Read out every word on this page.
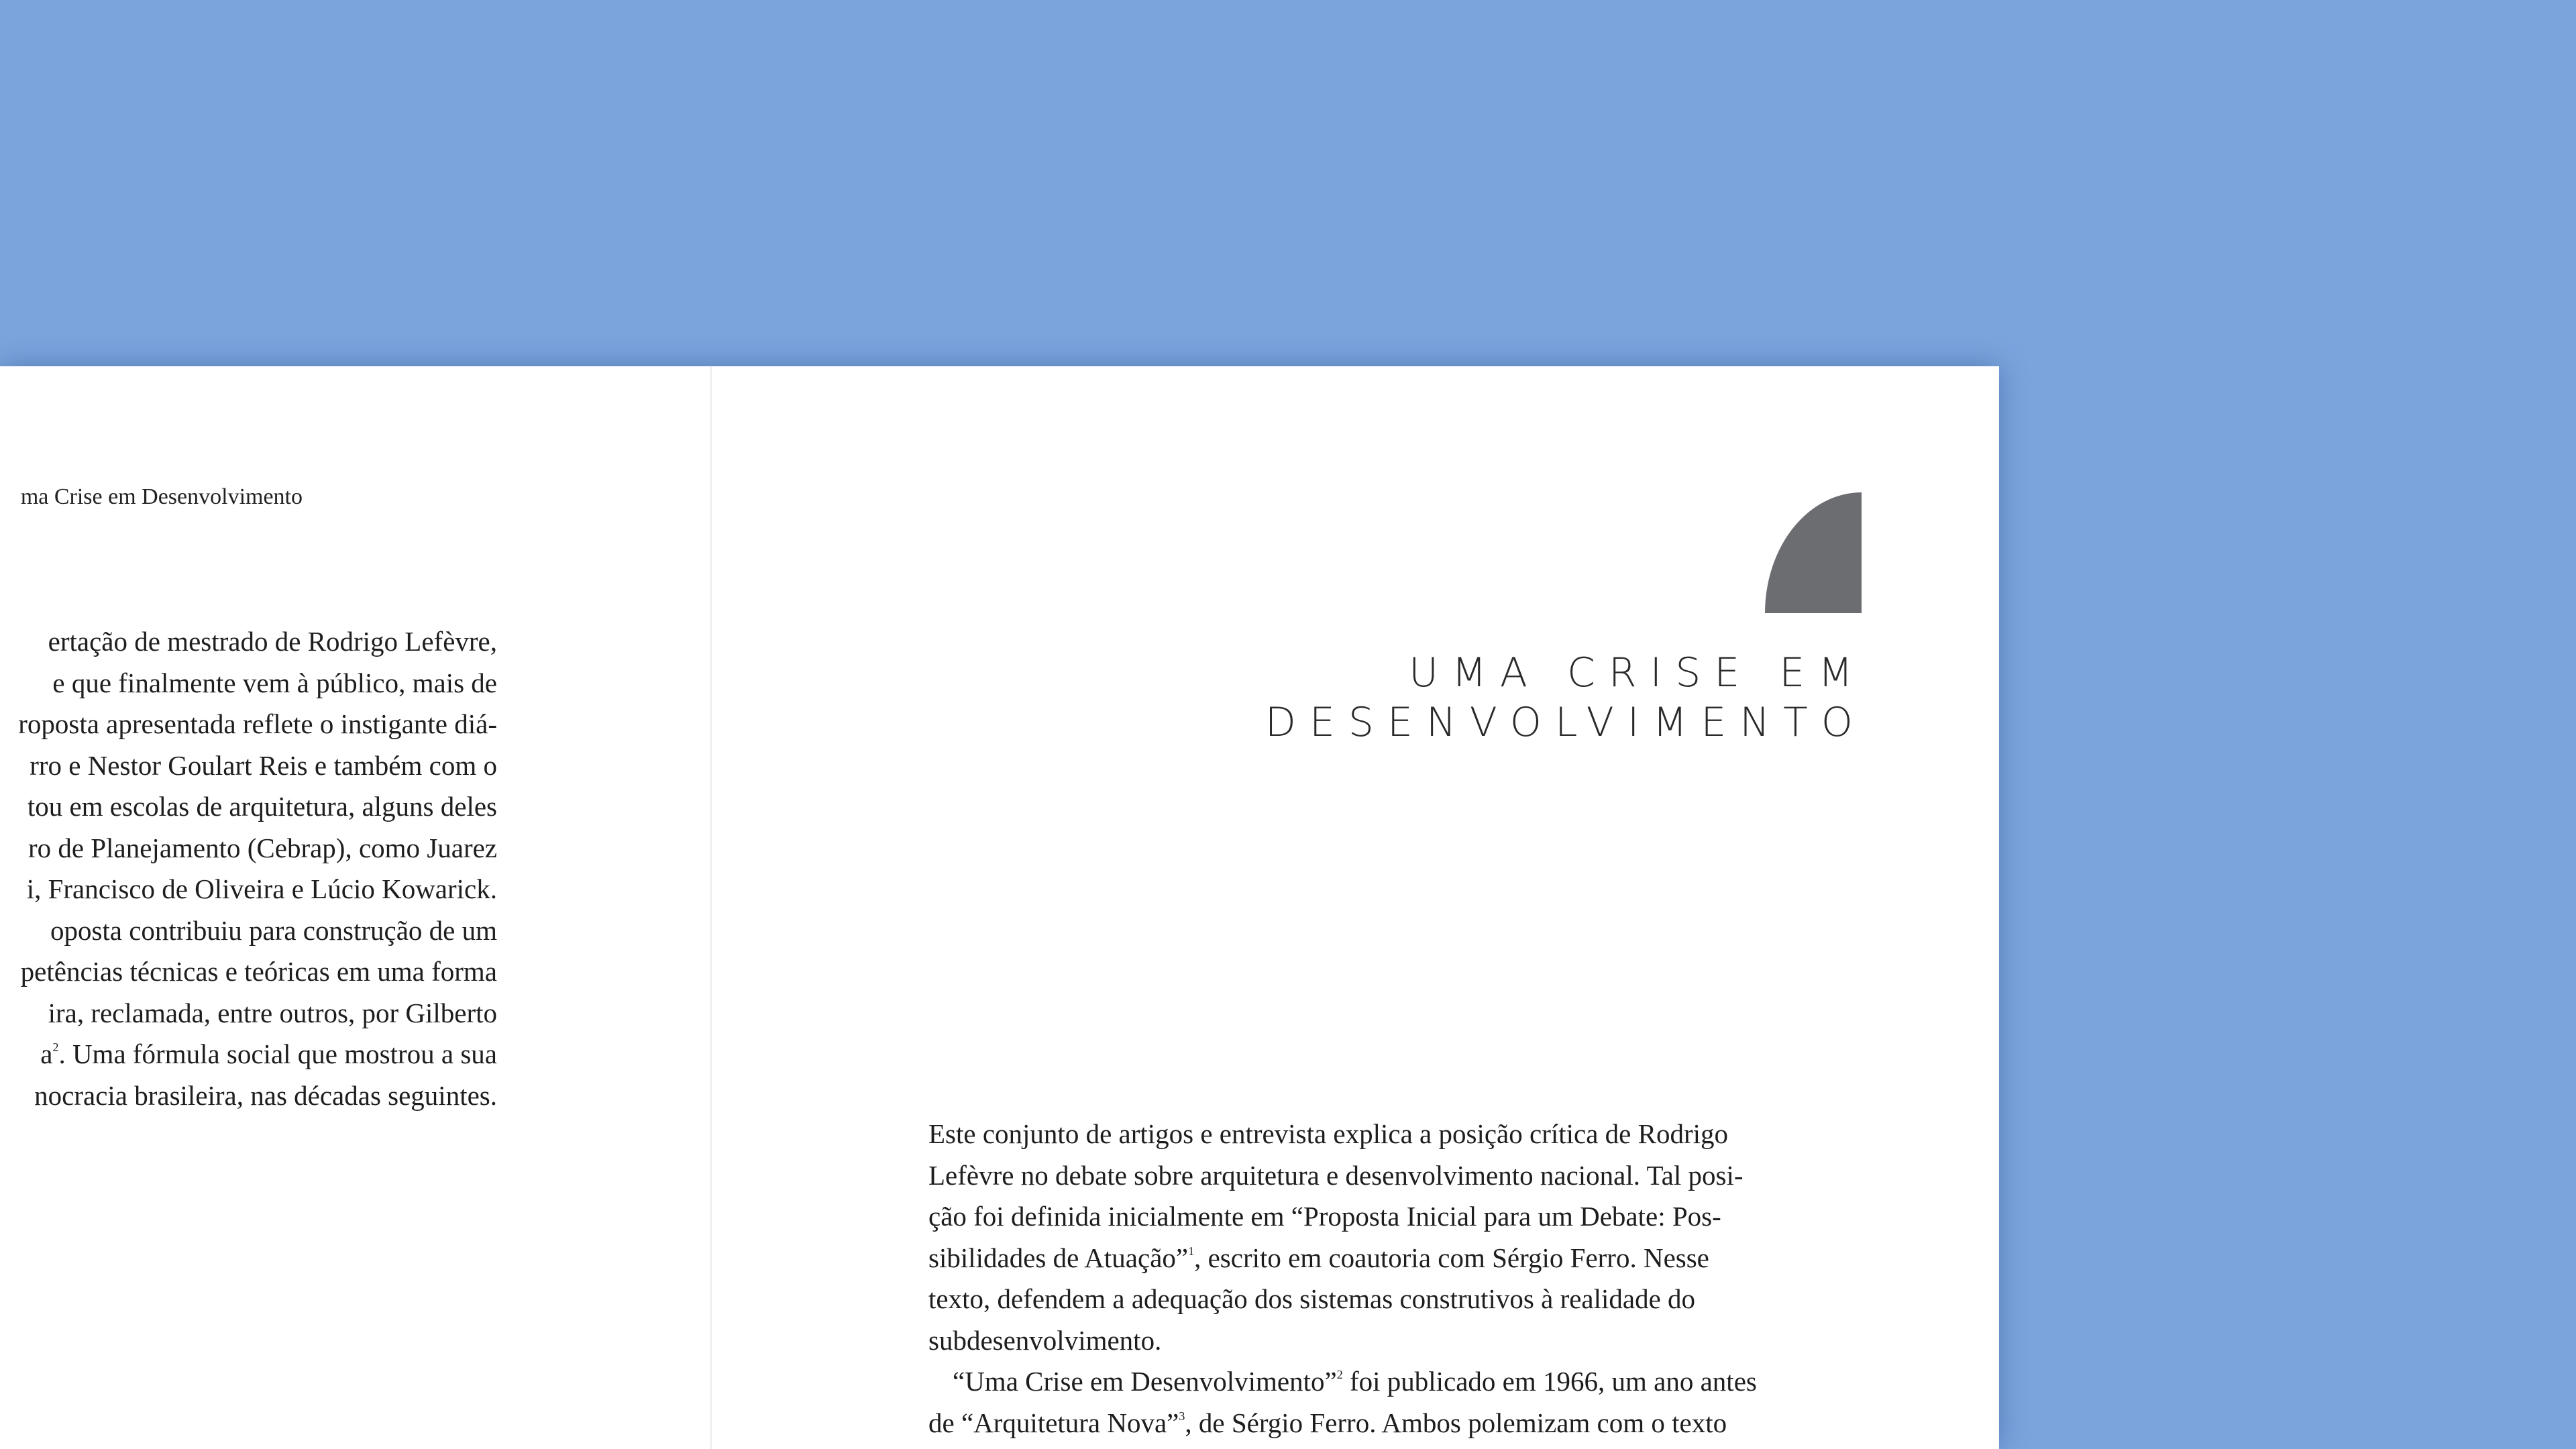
ma Crise em Desenvolvimento
ertação de mestrado de Rodrigo Lefèvre,
e que finalmente vem à público, mais de
roposta apresentada reflete o instigante diá-
rro e Nestor Goulart Reis e também com o
tou em escolas de arquitetura, alguns deles
ro de Planejamento (Cebrap), como Juarez
i, Francisco de Oliveira e Lúcio Kowarick.
oposta contribuiu para construção de um
petências técnicas e teóricas em uma forma
ira, reclamada, entre outros, por Gilberto
$a^2$. Uma fórmula social que mostrou a sua
nocracia brasileira, nas décadas seguintes.
UMA CRISE EM
DESENVOLVIMENTO
Este conjunto de artigos e entrevista explica a posição crítica de Rodrigo
Lefèvre no debate sobre arquitetura e desenvolvimento nacional. Tal posi-
ção foi definida inicialmente em “Proposta Inicial para um Debate: Pos-
sibilidades de Atuação”$^1$, escrito em coautoria com Sérgio Ferro. Nesse
texto, defendem a adequação dos sistemas construtivos à realidade do
subdesenvolvimento.
“Uma Crise em Desenvolvimento”$^2$ foi publicado em 1966, um ano antes
de “Arquitetura Nova”$^3$, de Sérgio Ferro. Ambos polemizam com o texto
